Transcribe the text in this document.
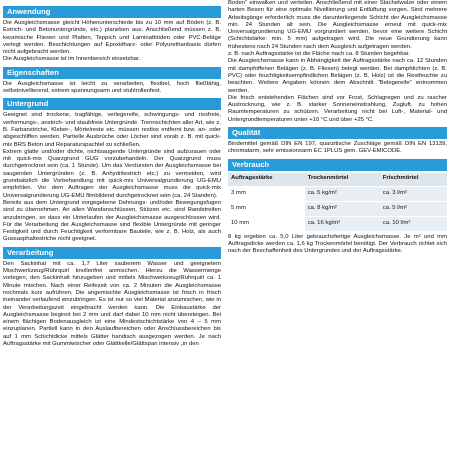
Anwendung

Die Ausgleichsmasse gleicht Höhenunterschiede bis zu 10 mm auf Böden (z. B. Estrich- und Betonuntergründe, etc.) planeben aus. Anschließend müssen z. B. keramische Fliesen und Platten, Teppich und Laminatböden oder PVC-Beläge verlegt werden. Beschichtungen auf Epoxidharz- oder Polyurethanbasis dürfen nicht aufgebracht werden.

Die Ausgleichsmasse ist im Innenbereich einsetzbar.

Eigenschaften

Die Ausgleichsmasse ist leicht zu verarbeiten, flexibel, hoch fließfähig, selbstnivellierend, extrem spannungsarm und stuhlrollenfest.

Untergrund

Geeignet sind trockene, tragfähige, verlegereife, schwingungs- und rissfreie, verformungs-, anstrich- und staubfreie Untergründe. Trennschichten aller Art, wie z. B. Farbanstriche, Kleber-, Mörtelreste etc. müssen restlos entfernt bzw. an- oder abgeschliffen werden. Partielle Ausbrüche oder Löcher sind vorab z. B. mit quick-mix BRS Beton und Reparaturspachtel zu schließen.

Extrem glatte und/oder dichte, nichtsaugende Untergründe sind aufzurauen oder mit quick-mix Quarzgrund GUG vorzubehandeln. Der Quarzgrund muss durchgetrocknet sein (ca. 1 Stunde). Um das Verdursten der Ausgleichsmasse bei saugenden Untergründen (z. B. Anhydritestrich etc.) zu vermeiden, wird grundsätzlich die Vorbehandlung mit quick-mix Universalgrundierung UG-EMU empfohlen. Vor dem Auftragen der Ausgleichsmasse muss die quick-mix Universalgrundierung UG-EMU filmbildend durchgetrocknet sein (ca. 24 Standen).

Bereits aus dem Untergrund vorgegebene Dehnungs- und/oder Bewegungsfugen sind zu übernehmen. An allen Wandanschlüssen, Stützen etc. sind Randstreifen anzubringen, so dass ein Unterlaufen der Ausgleichsmasse ausgeschlossen wird. Für die Verarbeitung der Ausgleichsmasse sind flexible Untergründe mit geringer Festigkeit und durch Feuchtigkeit verformbare Bauteile, wie z. B. Holz, als auch Gussasphaltestriche nicht geeignet.

Verarbeitung

Den Sackinhal mit ca. 1,7 Liter sauberem Wasser und geeignetem Mischwerkzeug/Rührquirl knollenfrei anmischen. Hierzu die Wassermenge vorlegen, den Sackinhalt hinzugeben und mittels Mischwerkzeug/Rührquirl ca. 1 Minute mischen. Nach einer Reifezeit von ca. 2 Minuten die Ausgleichsmasse nochmals kurz aufrühren. Die angemischte Ausgleichsmasse ist frisch in frisch ineinander verlaufend einzubringen. Es ist nur so viel Material anzumischen, wie in der Verarbeitungszeit eingebracht werden kann. Die Einbaustärke der Ausgleichsmasse beginnt bei 2 mm und darf dabei 10 mm nicht übersteigen. Bei einem flächigen Bodenausgleich ist eine Mindestschichtstärke von 4 – 5 mm einzuplanen. Partiell kann in den Auslaufbereichen oder Anschlussbereichen bis auf 1 mm Schichtdicke mittels Glätter handisch ausgezogen werden. Je nach Auftragsstärke mit Gummiwischer oder Glättkelle/Glättspan intensiv „in den

Boden“ einwalken und verteilen. Anschließend mit einer Stachelwalze oder einem harten Besen für eine optimale Nivellierung und Entlüftung sorgen. Sind mehrere Arbeitsgänge erforderlich muss die darunterliegende Schicht der Ausgleichsmasse min. 24 Stunden alt sein. Die Ausgleichsmasse erneut mit quick-mix Universalgrundierung UG-EMU vorgrundiert werden, bevor eine weitere Schicht (Schichtstärke: min. 5 mm) aufgetragen wird. Die neue Grundierung kann frühestens nach 24 Stunden nach dem Ausgleich aufgetragen werden.

z. B. nach Auftragsstärke ist die Fläche nach ca. 8 Stunden begehbar.

Die Ausgleichsmasse kann in Abhängigkeit der Auftragsstärke nach ca. 12 Stunden mit dampfoffenen Belägen (z. B. Fliesen) belegt werden. Bei dampfdichten (z. B. PVC) oder feuchtigkeitsempfindlichen Belägen (z. B. Holz) ist die Restfeuchte zu beachten. Weitere Angaben können dem Abschnitt “Belegereife” entnommen werden.

Die frisch entstehenden Flächen sind vor Frost, Schlagregen und zu rascher Austrocknung, wie z. B. starker Sonneneinstrahlung, Zugluft, zu hohen Raumtemperaturen zu schützen. Verarbeitung nicht bei Luft-, Material- und Untergrundtemperaturen unter +10 °C und über +25 °C.

Qualität

Bindemittel gemäß DIN EN 197, quarzitische Zuschläge gemäß DIN EN 13139, chromatarm, sehr emissionsarm EC 1PLUS gem. GEV-EMICODE.

Verbrauch
Auftragsstärke	Trockenmörtel	Frischmörtel
3 mm	ca. 5 kg/m²	ca. 3 l/m²
5 mm	ca. 8 kg/m²	ca. 5 l/m²
10 mm	ca. 16 kg/m²	ca. 10 l/m²

8 kg ergeben ca. 5,0 Liter gebrauchsfertige Ausgleichsmasse. Je m² und mm Auftragsdicke werden ca. 1,6 kg Trockenmörtel benötigt. Der Verbrauch richtet sich nach der Beschaffenheit des Untergrundes und der Auftragsstärke.
